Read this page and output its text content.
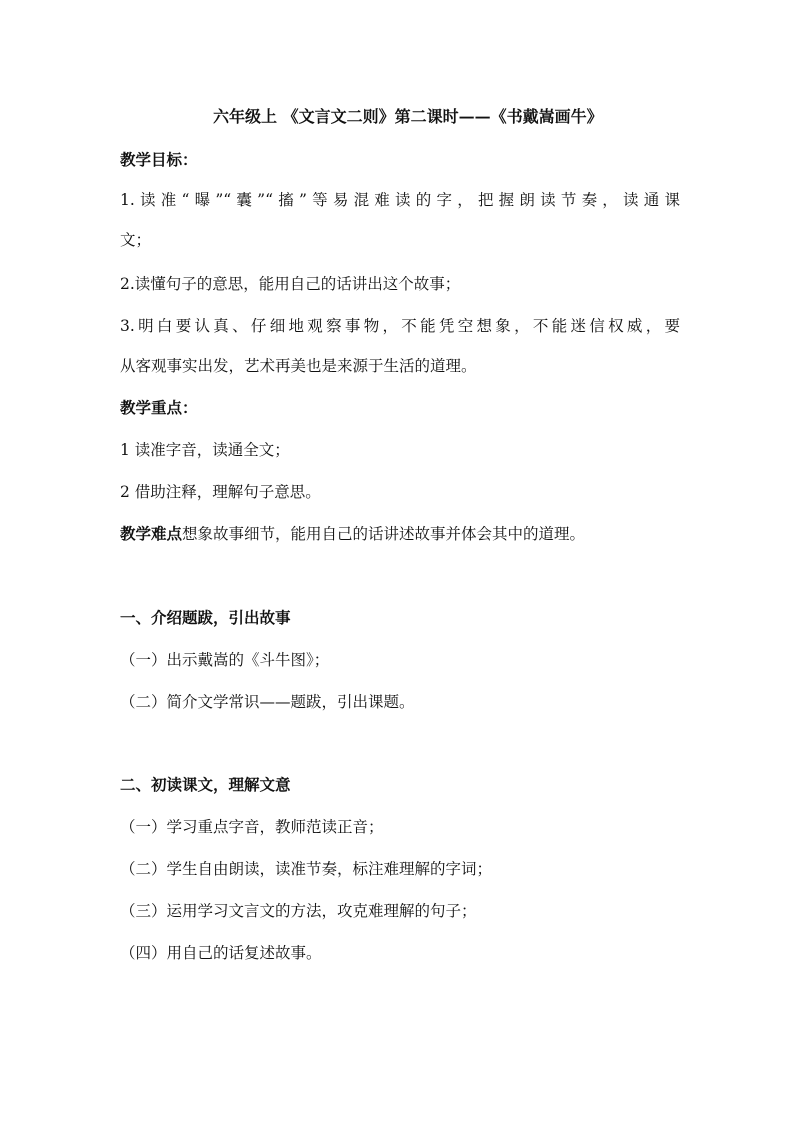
六年级上 《文言文二则》第二课时——《书戴嵩画牛》
教学目标：
1.读准“曝”“囊”“搐”等易混难读的字，把握朗读节奏，读通课
文；
2.读懂句子的意思，能用自己的话讲出这个故事；
3.明白要认真、仔细地观察事物，不能凭空想象，不能迷信权威，要
从客观事实出发，艺术再美也是来源于生活的道理。
教学重点：
1 读准字音，读通全文；
2 借助注释，理解句子意思。
教学难点想象故事细节，能用自己的话讲述故事并体会其中的道理。
一、介绍题跋，引出故事
（一）出示戴嵩的《斗牛图》；
（二）简介文学常识——题跋，引出课题。
二、初读课文，理解文意
（一）学习重点字音，教师范读正音；
（二）学生自由朗读，读准节奏，标注难理解的字词；
（三）运用学习文言文的方法，攻克难理解的句子；
（四）用自己的话复述故事。
